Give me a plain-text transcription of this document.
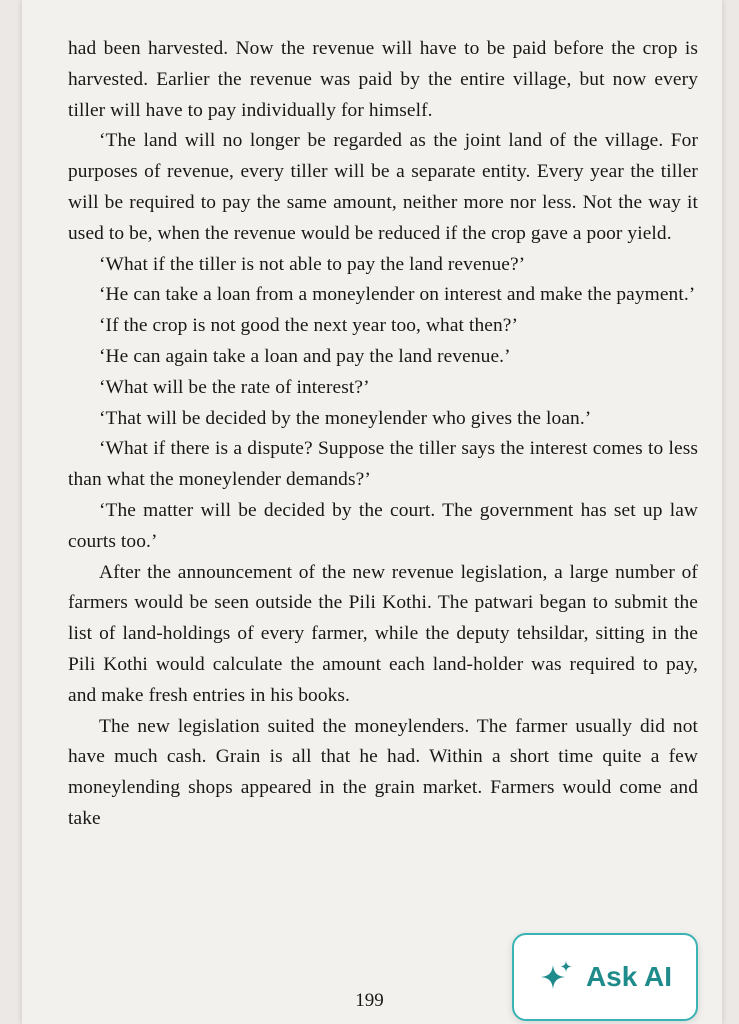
had been harvested. Now the revenue will have to be paid before the crop is harvested. Earlier the revenue was paid by the entire village, but now every tiller will have to pay individually for himself.

‘The land will no longer be regarded as the joint land of the village. For purposes of revenue, every tiller will be a separate entity. Every year the tiller will be required to pay the same amount, neither more nor less. Not the way it used to be, when the revenue would be reduced if the crop gave a poor yield.

‘What if the tiller is not able to pay the land revenue?’

‘He can take a loan from a moneylender on interest and make the payment.’

‘If the crop is not good the next year too, what then?’

‘He can again take a loan and pay the land revenue.’

‘What will be the rate of interest?’

‘That will be decided by the moneylender who gives the loan.’

‘What if there is a dispute? Suppose the tiller says the interest comes to less than what the moneylender demands?’

‘The matter will be decided by the court. The government has set up law courts too.’

After the announcement of the new revenue legislation, a large number of farmers would be seen outside the Pili Kothi. The patwari began to submit the list of land-holdings of every farmer, while the deputy tehsildar, sitting in the Pili Kothi would calculate the amount each land-holder was required to pay, and make fresh entries in his books.

The new legislation suited the moneylenders. The farmer usually did not have much cash. Grain is all that he had. Within a short time quite a few moneylending shops appeared in the grain market. Farmers would come and take

199
Ask AI
